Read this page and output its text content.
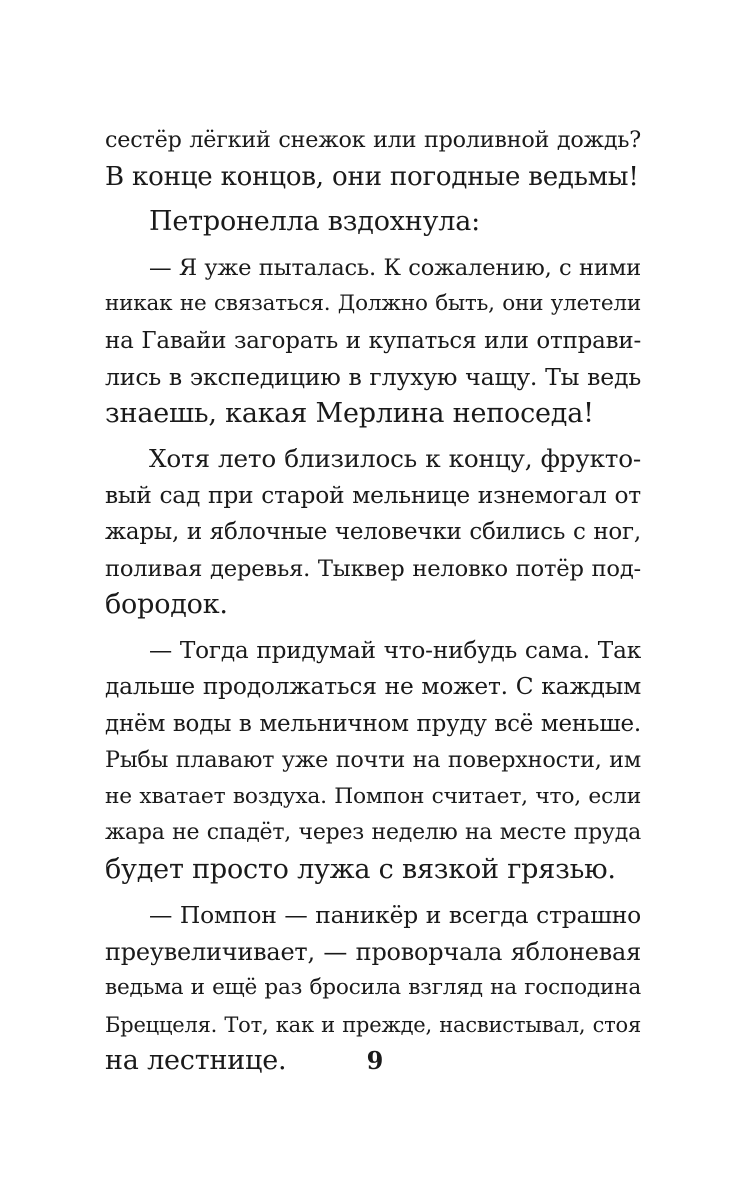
сестёр лёгкий снежок или проливной дождь?
В конце концов, они погодные ведьмы!
Петронелла вздохнула:
— Я уже пыталась. К сожалению, с ними
никак не связаться. Должно быть, они улетели
на Гавайи загорать и купаться или отправи-
лись в экспедицию в глухую чащу. Ты ведь
знаешь, какая Мерлина непоседа!
Хотя лето близилось к концу, фрукто-
вый сад при старой мельнице изнемогал от
жары, и яблочные человечки сбились с ног,
поливая деревья. Тыквер неловко потёр под-
бородок.
— Тогда придумай что-нибудь сама. Так
дальше продолжаться не может. С каждым
днём воды в мельничном пруду всё меньше.
Рыбы плавают уже почти на поверхности, им
не хватает воздуха. Помпон считает, что, если
жара не спадёт, через неделю на месте пруда
будет просто лужа с вязкой грязью.
— Помпон — паникёр и всегда страшно
преувеличивает, — проворчала яблоневая
ведьма и ещё раз бросила взгляд на господина
Бреццеля. Тот, как и прежде, насвистывал, стоя
на лестнице.	9
